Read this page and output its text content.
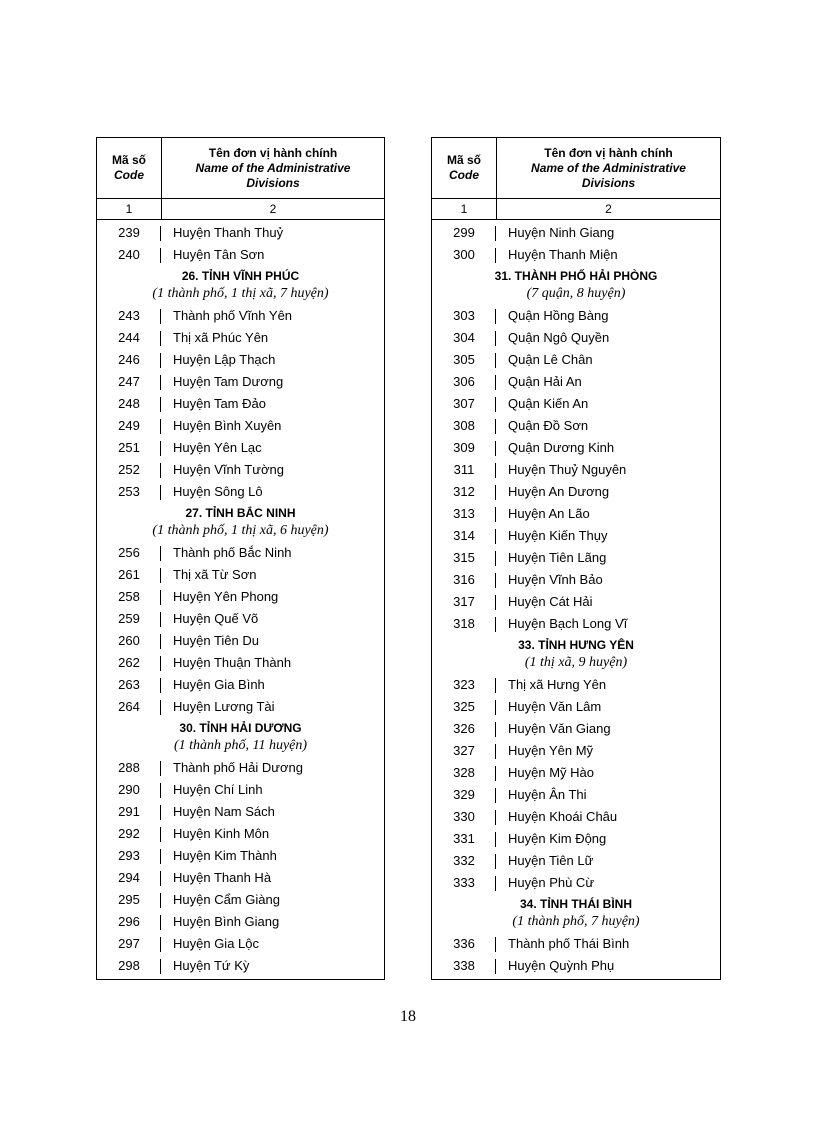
Mã số
Code
Tên đơn vị hành chính
Name of the Administrative
Divisions
1	2
239	Huyện Thanh Thuỷ
240	Huyện Tân Sơn
26. TỈNH VĨNH PHÚC
(1 thành phố, 1 thị xã, 7 huyện)
243	Thành phố Vĩnh Yên
244	Thị xã Phúc Yên
246	Huyện Lập Thạch
247	Huyện Tam Dương
248	Huyện Tam Đảo
249	Huyện Bình Xuyên
251	Huyện Yên Lạc
252	Huyện Vĩnh Tường
253	Huyện Sông Lô
27. TỈNH BẮC NINH
(1 thành phố, 1 thị xã, 6 huyện)
256	Thành phố Bắc Ninh
261	Thị xã Từ Sơn
258	Huyện Yên Phong
259	Huyện Quế Võ
260	Huyện Tiên Du
262	Huyện Thuận Thành
263	Huyện Gia Bình
264	Huyện Lương Tài
30. TỈNH HẢI DƯƠNG
(1 thành phố, 11 huyện)
288	Thành phố Hải Dương
290	Huyện Chí Linh
291	Huyện Nam Sách
292	Huyện Kinh Môn
293	Huyện Kim Thành
294	Huyện Thanh Hà
295	Huyện Cẩm Giàng
296	Huyện Bình Giang
297	Huyện Gia Lộc
298	Huyện Tứ Kỳ
Mã số
Code
Tên đơn vị hành chính
Name of the Administrative
Divisions
1	2
299	Huyện Ninh Giang
300	Huyện Thanh Miện
31. THÀNH PHỐ HẢI PHÒNG
(7 quận, 8 huyện)
303	Quận Hồng Bàng
304	Quận Ngô Quyền
305	Quận Lê Chân
306	Quận Hải An
307	Quận Kiến An
308	Quận Đồ Sơn
309	Quận Dương Kinh
311	Huyện Thuỷ Nguyên
312	Huyện An Dương
313	Huyện An Lão
314	Huyện Kiến Thụy
315	Huyện Tiên Lãng
316	Huyện Vĩnh Bảo
317	Huyện Cát Hải
318	Huyện Bạch Long Vĩ
33. TỈNH HƯNG YÊN
(1 thị xã, 9 huyện)
323	Thị xã Hưng Yên
325	Huyện Văn Lâm
326	Huyện Văn Giang
327	Huyện Yên Mỹ
328	Huyện Mỹ Hào
329	Huyện Ân Thi
330	Huyện Khoái Châu
331	Huyện Kim Động
332	Huyện Tiên Lữ
333	Huyện Phù Cừ
34. TỈNH THÁI BÌNH
(1 thành phố, 7 huyện)
336	Thành phố Thái Bình
338	Huyện Quỳnh Phụ
18
